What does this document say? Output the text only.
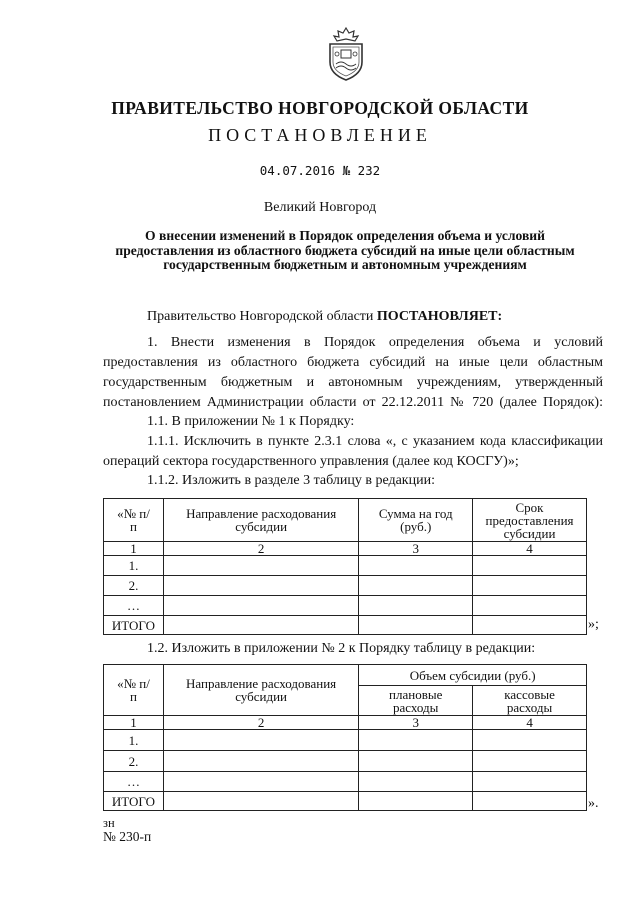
ПРАВИТЕЛЬСТВО НОВГОРОДСКОЙ ОБЛАСТИ
ПОСТАНОВЛЕНИЕ
04.07.2016 № 232
Великий Новгород
О внесении изменений в Порядок определения объема и условий предоставления из областного бюджета субсидий на иные цели областным государственным бюджетным и автономным учреждениям
Правительство Новгородской области ПОСТАНОВЛЯЕТ:
1. Внести изменения в Порядок определения объема и условий
предоставления из областного бюджета субсидий на иные цели областным
государственным бюджетным и автономным учреждениям, утвержденный
постановлением Администрации области от 22.12.2011 № 720 (далее Порядок):
1.1. В приложении № 1 к Порядку:
1.1.1. Исключить в пункте 2.3.1 слова «, с указанием кода классификации
операций сектора государственного управления (далее код КОСГУ)»;
1.1.2. Изложить в разделе 3 таблицу в редакции:
«№ п/п	Направление расходования субсидии	Сумма на год (руб.)	Срок предоставления субсидии
1	2	3	4
1.			
2.			
…			
ИТОГО				»;
1.2. Изложить в приложении № 2 к Порядку таблицу в редакции:
«№ п/п	Направление расходования субсидии	Объем субсидии (руб.)	
		плановые расходы	кассовые расходы
1	2	3	4
1.			
2.			
…			
ИТОГО				».
зн
№ 230-п
